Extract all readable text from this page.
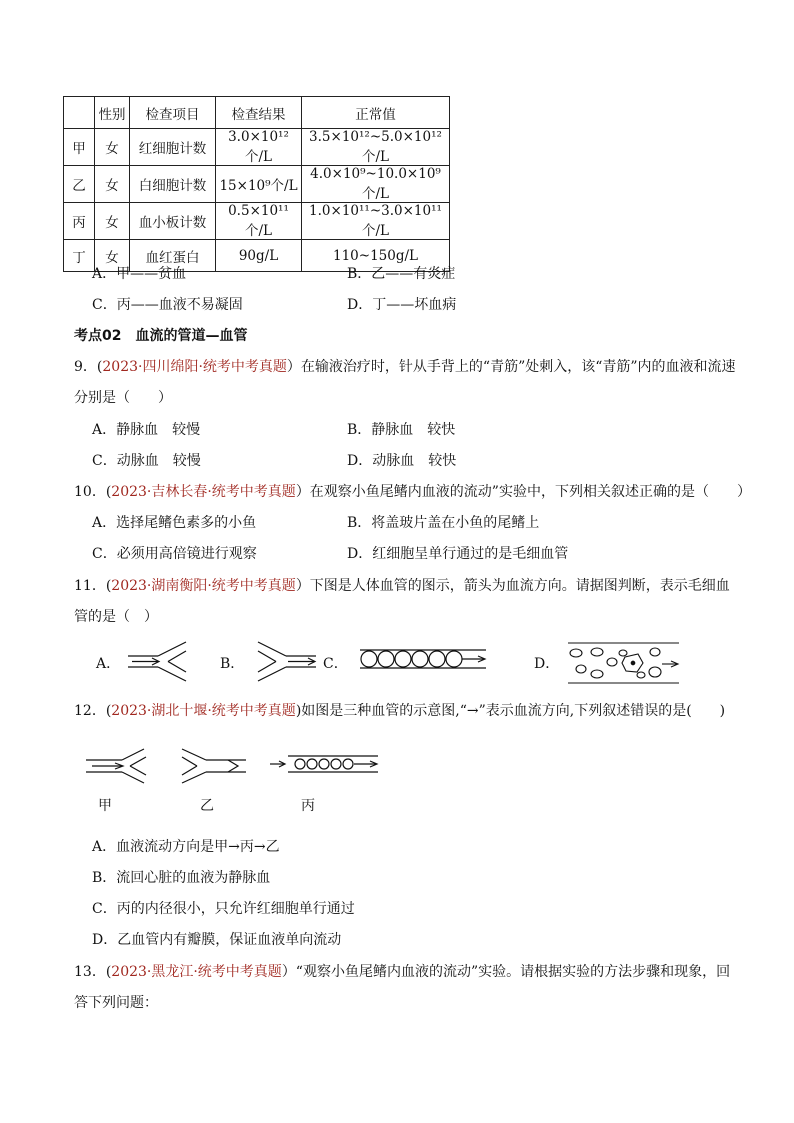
	性别	检查项目	检查结果	正常值
甲	女	红细胞计数	3.0×10¹²个/L	3.5×10¹²~5.0×10¹²个/L
乙	女	白细胞计数	15×10⁹个/L	4.0×10⁹~10.0×10⁹个/L
丙	女	血小板计数	0.5×10¹¹个/L	1.0×10¹¹~3.0×10¹¹个/L
丁	女	血红蛋白	90g/L	110~150g/L
A．甲——贫血	B．乙——有炎症
C．丙——血液不易凝固	D．丁——坏血病
考点02　血流的管道—血管
9．(2023·四川绵阳·统考中考真题）在输液治疗时，针从手背上的“青筋”处刺入，该“青筋”内的血液和流速
分别是（　　）
A．静脉血　较慢	B．静脉血　较快
C．动脉血　较慢	D．动脉血　较快
10．(2023·吉林长春·统考中考真题）在观察小鱼尾鳍内血液的流动”实验中，下列相关叙述正确的是（　　）
A．选择尾鳍色素多的小鱼	B．将盖玻片盖在小鱼的尾鳍上
C．必须用高倍镜进行观察	D．红细胞呈单行通过的是毛细血管
11．(2023·湖南衡阳·统考中考真题）下图是人体血管的图示，箭头为血流方向。请据图判断，表示毛细血
管的是（　）
A．	B．	C．	D．
12．(2023·湖北十堰·统考中考真题)如图是三种血管的示意图,“→”表示血流方向,下列叙述错误的是(　　)
甲	乙	丙
A．血液流动方向是甲→丙→乙
B．流回心脏的血液为静脉血
C．丙的内径很小，只允许红细胞单行通过
D．乙血管内有瓣膜，保证血液单向流动
13．(2023·黑龙江·统考中考真题）“观察小鱼尾鳍内血液的流动”实验。请根据实验的方法步骤和现象，回
答下列问题：
